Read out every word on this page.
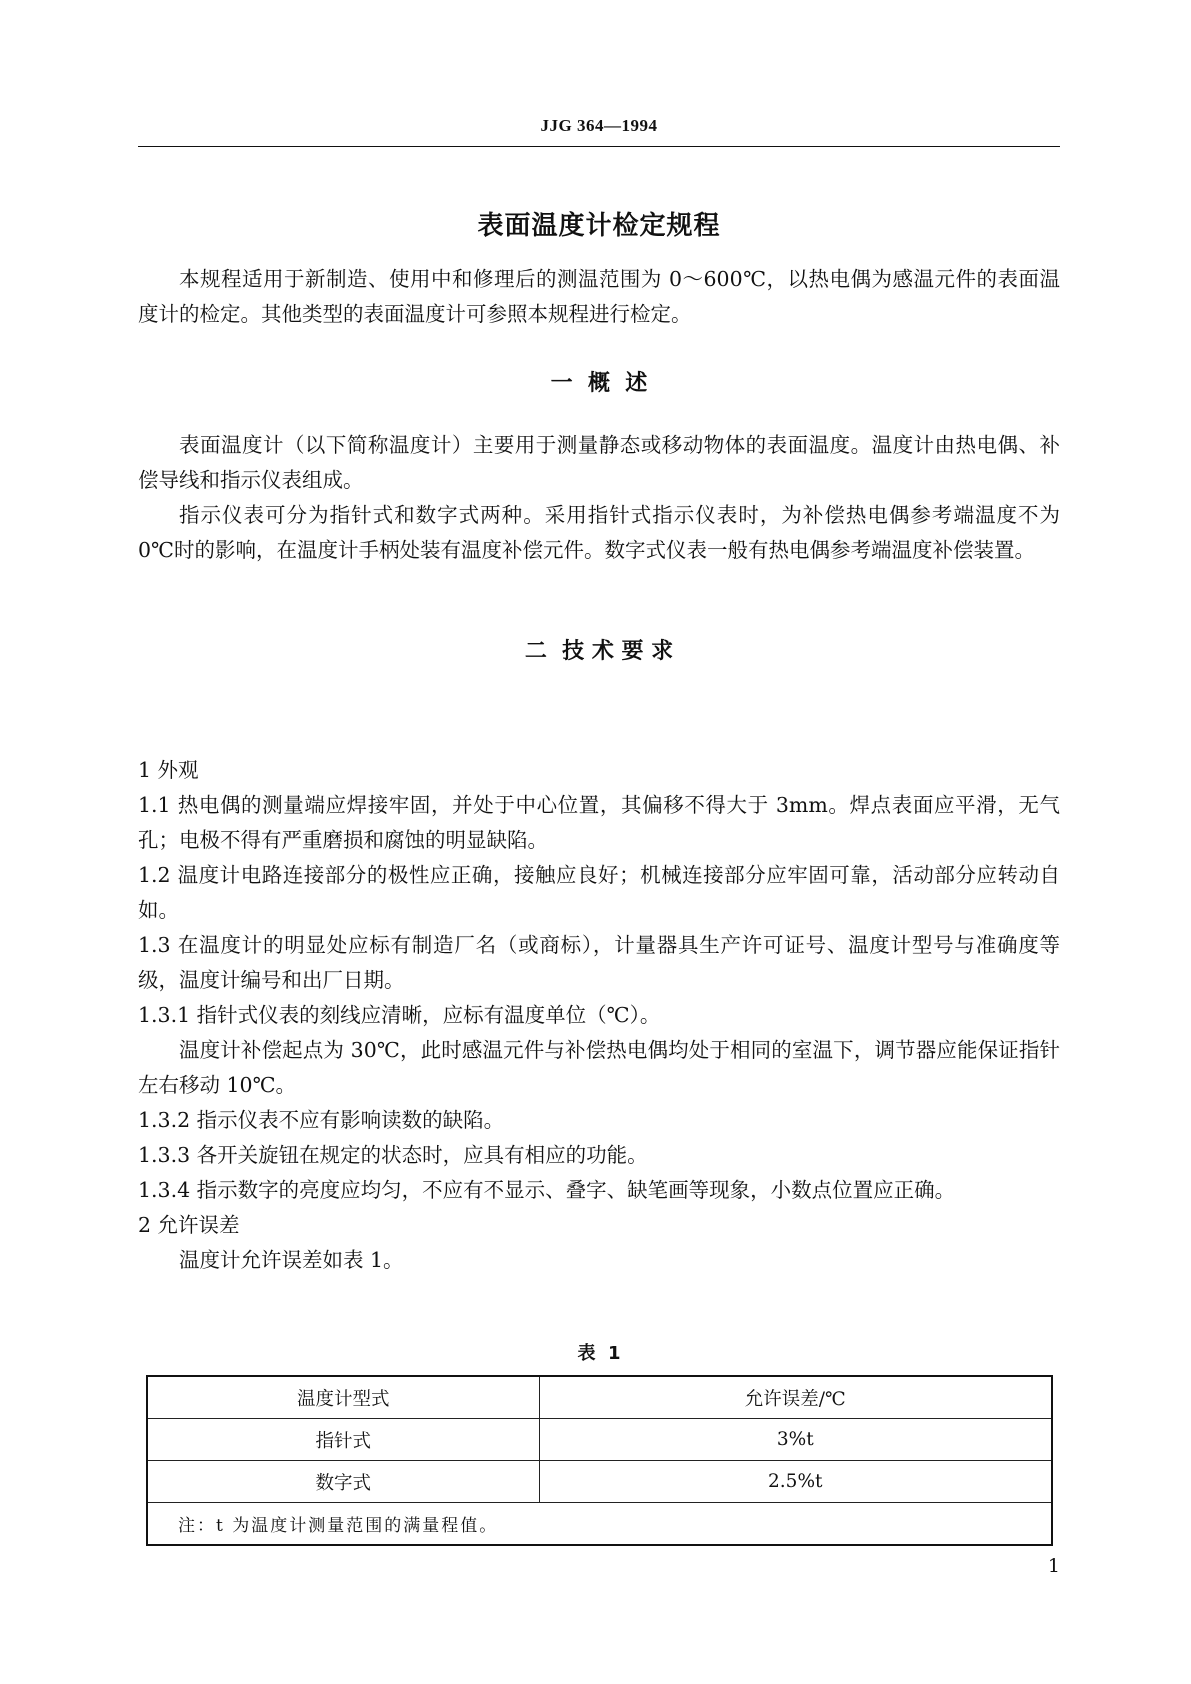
JJG 364—1994
表面温度计检定规程

本规程适用于新制造、使用中和修理后的测温范围为 0～600℃，以热电偶为感温元件的表面温度计的检定。其他类型的表面温度计可参照本规程进行检定。

一  概  述

表面温度计（以下简称温度计）主要用于测量静态或移动物体的表面温度。温度计由热电偶、补偿导线和指示仪表组成。

指示仪表可分为指针式和数字式两种。采用指针式指示仪表时，为补偿热电偶参考端温度不为 0℃时的影响，在温度计手柄处装有温度补偿元件。数字式仪表一般有热电偶参考端温度补偿装置。

二  技 术 要 求

1 外观

1.1 热电偶的测量端应焊接牢固，并处于中心位置，其偏移不得大于 3mm。焊点表面应平滑，无气孔；电极不得有严重磨损和腐蚀的明显缺陷。

1.2 温度计电路连接部分的极性应正确，接触应良好；机械连接部分应牢固可靠，活动部分应转动自如。

1.3 在温度计的明显处应标有制造厂名（或商标），计量器具生产许可证号、温度计型号与准确度等级，温度计编号和出厂日期。

1.3.1 指针式仪表的刻线应清晰，应标有温度单位（℃）。

温度计补偿起点为 30℃，此时感温元件与补偿热电偶均处于相同的室温下，调节器应能保证指针左右移动 10℃。

1.3.2 指示仪表不应有影响读数的缺陷。

1.3.3 各开关旋钮在规定的状态时，应具有相应的功能。

1.3.4 指示数字的亮度应均匀，不应有不显示、叠字、缺笔画等现象，小数点位置应正确。

2 允许误差

温度计允许误差如表 1。

表  1
温度计型式	允许误差/℃
指针式	3%t
数字式	2.5%t
注：t 为温度计测量范围的满量程值。	
1
